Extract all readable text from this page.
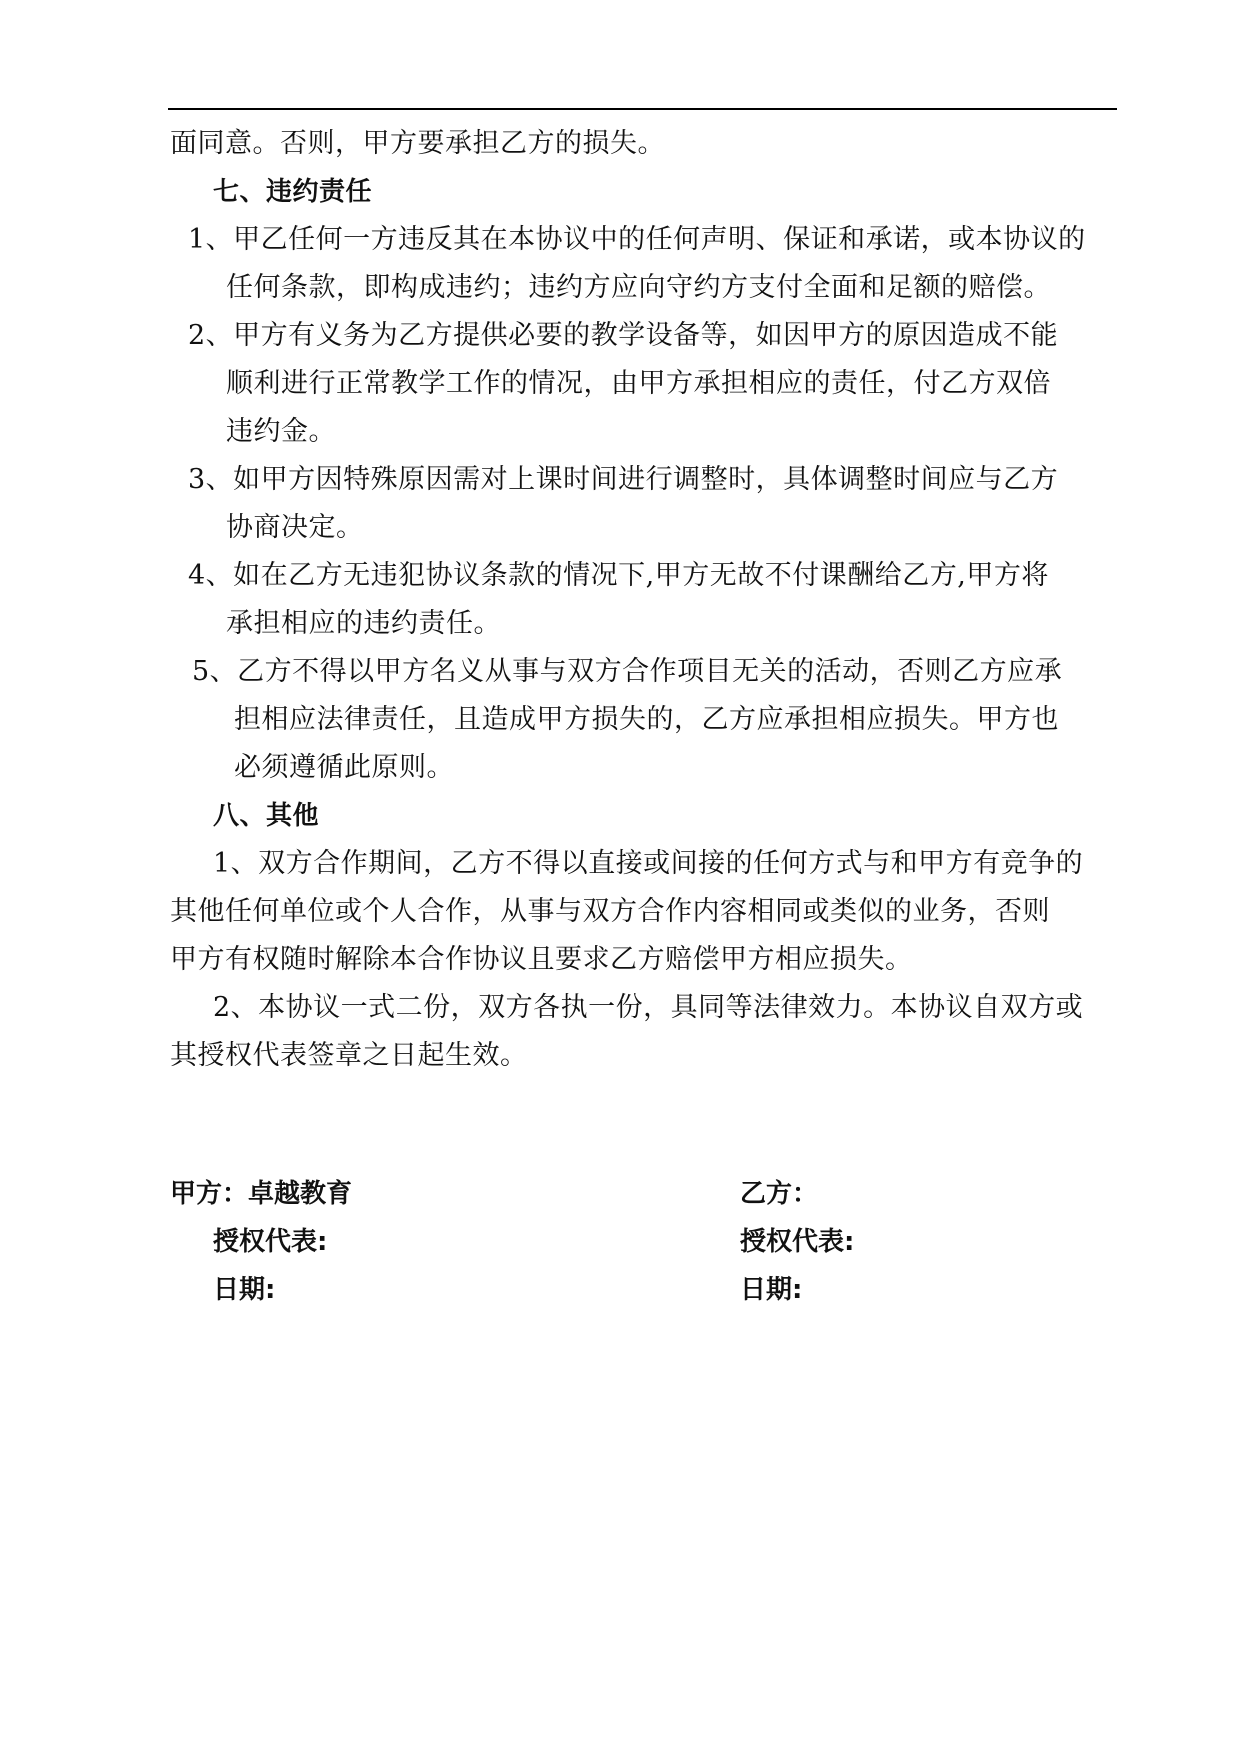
面同意。否则，甲方要承担乙方的损失。
七、违约责任
1、甲乙任何一方违反其在本协议中的任何声明、保证和承诺，或本协议的
任何条款，即构成违约；违约方应向守约方支付全面和足额的赔偿。
2、甲方有义务为乙方提供必要的教学设备等，如因甲方的原因造成不能
顺利进行正常教学工作的情况，由甲方承担相应的责任，付乙方双倍
违约金。
3、如甲方因特殊原因需对上课时间进行调整时，具体调整时间应与乙方
协商决定。
4、如在乙方无违犯协议条款的情况下,甲方无故不付课酬给乙方,甲方将
承担相应的违约责任。
5、乙方不得以甲方名义从事与双方合作项目无关的活动，否则乙方应承
担相应法律责任，且造成甲方损失的，乙方应承担相应损失。甲方也
必须遵循此原则。
八、其他
1、双方合作期间，乙方不得以直接或间接的任何方式与和甲方有竞争的
其他任何单位或个人合作，从事与双方合作内容相同或类似的业务，否则
甲方有权随时解除本合作协议且要求乙方赔偿甲方相应损失。
2、本协议一式二份，双方各执一份，具同等法律效力。本协议自双方或
其授权代表签章之日起生效。
甲方：卓越教育	乙方：
授权代表:	授权代表:
日期:	日期:
